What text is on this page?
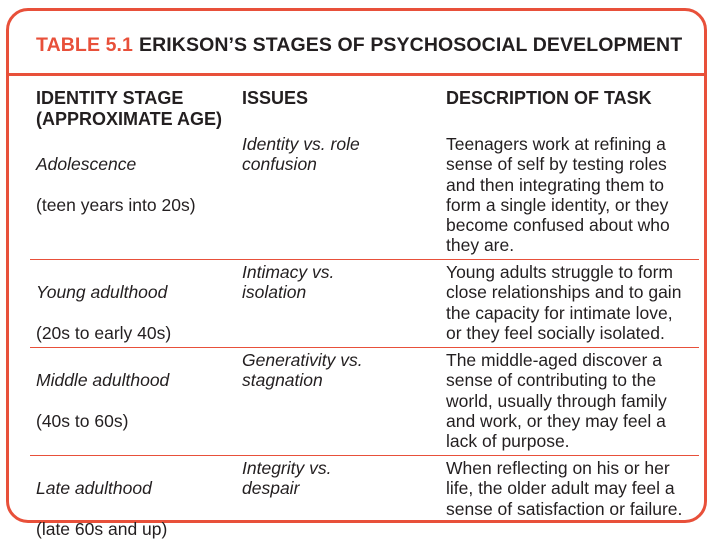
TABLE 5.1 ERIKSON’S STAGES OF PSYCHOSOCIAL DEVELOPMENT
IDENTITY STAGE
(APPROXIMATE AGE)
ISSUES	DESCRIPTION OF TASK

Adolescence

(teen years into 20s)

Identity vs. role
confusion
Teenagers work at refining a
sense of self by testing roles
and then integrating them to
form a single identity, or they
become confused about who
they are.

Young adulthood

(20s to early 40s)

Intimacy vs.
isolation
Young adults struggle to form
close relationships and to gain
the capacity for intimate love,
or they feel socially isolated.

Middle adulthood

(40s to 60s)

Generativity vs.
stagnation
The middle-aged discover a
sense of contributing to the
world, usually through family
and work, or they may feel a
lack of purpose.

Late adulthood

(late 60s and up)

Integrity vs.
despair
When reflecting on his or her
life, the older adult may feel a
sense of satisfaction or failure.
